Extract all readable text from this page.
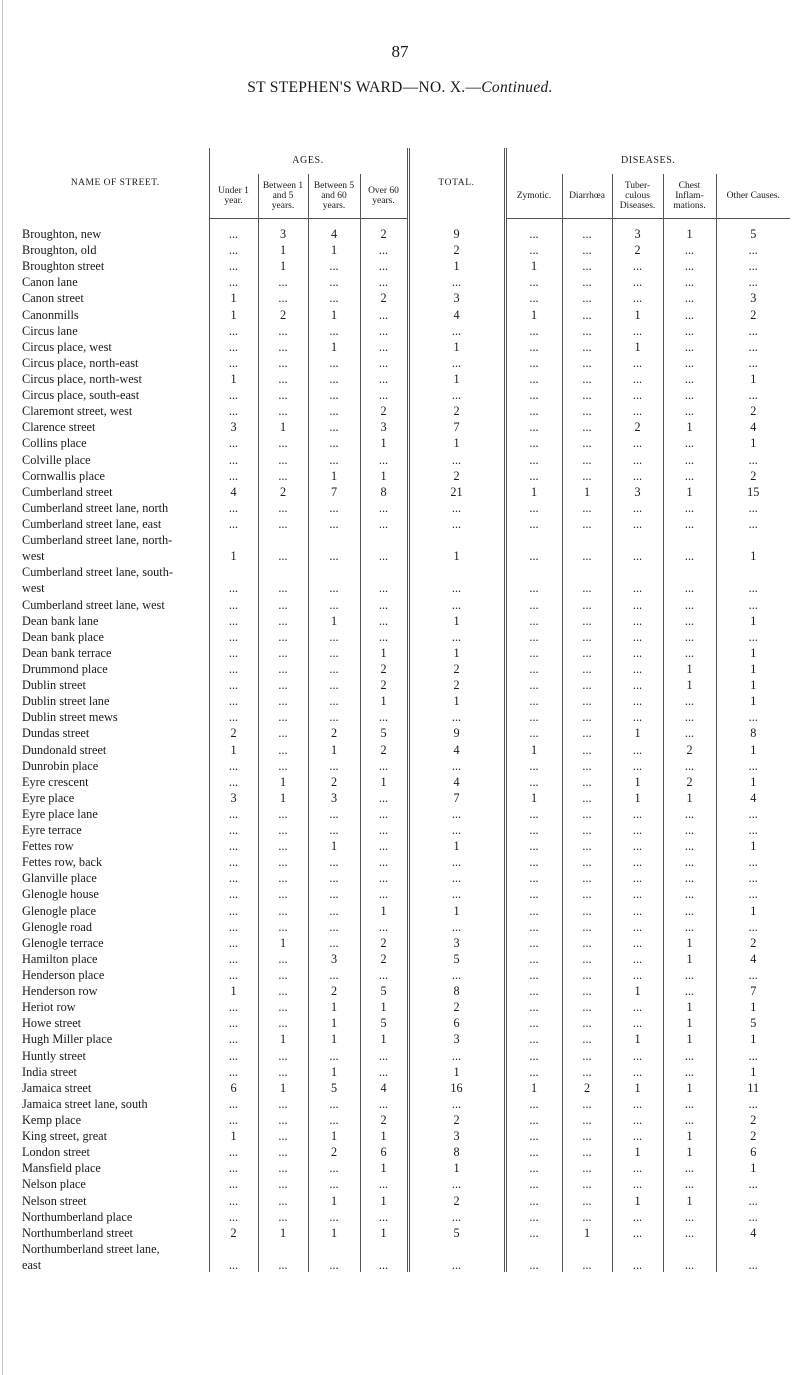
87
ST STEPHEN'S WARD—NO. X.—Continued.
NAME OF STREET.	AGES.				TOTAL.	DISEASES.				
	Under 1 year.	Between 1 and 5 years.	Between 5 and 60 years.	Over 60 years.		Zymotic.	Diarrhœa	Tuber-culous Diseases.	Chest Inflam-mations.	Other Causes.
Broughton, new	...	3	4	2	9	...	...	3	1	5
Broughton, old	...	1	1	...	2	...	...	2	...	...
Broughton street	...	1	...	...	1	1	...	...	...	...
Canon lane	...	...	...	...	...	...	...	...	...	...
Canon street	1	...	...	2	3	...	...	...	...	3
Canonmills	1	2	1	...	4	1	...	1	...	2
Circus lane	...	...	...	...	...	...	...	...	...	...
Circus place, west	...	...	1	...	1	...	...	1	...	...
Circus place, north-east	...	...	...	...	...	...	...	...	...	...
Circus place, north-west	1	...	...	...	1	...	...	...	...	1
Circus place, south-east	...	...	...	...	...	...	...	...	...	...
Claremont street, west	...	...	...	2	2	...	...	...	...	2
Clarence street	3	1	...	3	7	...	...	2	1	4
Collins place	...	...	...	1	1	...	...	...	...	1
Colville place	...	...	...	...	...	...	...	...	...	...
Cornwallis place	...	...	1	1	2	...	...	...	...	2
Cumberland street	4	2	7	8	21	1	1	3	1	15
Cumberland street lane, north	...	...	...	...	...	...	...	...	...	...
Cumberland street lane, east	...	...	...	...	...	...	...	...	...	...
Cumberland street lane, north-										
west	1	...	...	...	1	...	...	...	...	1
Cumberland street lane, south-										
west	...	...	...	...	...	...	...	...	...	...
Cumberland street lane, west	...	...	...	...	...	...	...	...	...	...
Dean bank lane	...	...	1	...	1	...	...	...	...	1
Dean bank place	...	...	...	...	...	...	...	...	...	...
Dean bank terrace	...	...	...	1	1	...	...	...	...	1
Drummond place	...	...	...	2	2	...	...	...	1	1
Dublin street	...	...	...	2	2	...	...	...	1	1
Dublin street lane	...	...	...	1	1	...	...	...	...	1
Dublin street mews	...	...	...	...	...	...	...	...	...	...
Dundas street	2	...	2	5	9	...	...	1	...	8
Dundonald street	1	...	1	2	4	1	...	...	2	1
Dunrobin place	...	...	...	...	...	...	...	...	...	...
Eyre crescent	...	1	2	1	4	...	...	1	2	1
Eyre place	3	1	3	...	7	1	...	1	1	4
Eyre place lane	...	...	...	...	...	...	...	...	...	...
Eyre terrace	...	...	...	...	...	...	...	...	...	...
Fettes row	...	...	1	...	1	...	...	...	...	1
Fettes row, back	...	...	...	...	...	...	...	...	...	...
Glanville place	...	...	...	...	...	...	...	...	...	...
Glenogle house	...	...	...	...	...	...	...	...	...	...
Glenogle place	...	...	...	1	1	...	...	...	...	1
Glenogle road	...	...	...	...	...	...	...	...	...	...
Glenogle terrace	...	1	...	2	3	...	...	...	1	2
Hamilton place	...	...	3	2	5	...	...	...	1	4
Henderson place	...	...	...	...	...	...	...	...	...	...
Henderson row	1	...	2	5	8	...	...	1	...	7
Heriot row	...	...	1	1	2	...	...	...	1	1
Howe street	...	...	1	5	6	...	...	...	1	5
Hugh Miller place	...	1	1	1	3	...	...	1	1	1
Huntly street	...	...	...	...	...	...	...	...	...	...
India street	...	...	1	...	1	...	...	...	...	1
Jamaica street	6	1	5	4	16	1	2	1	1	11
Jamaica street lane, south	...	...	...	...	...	...	...	...	...	...
Kemp place	...	...	...	2	2	...	...	...	...	2
King street, great	1	...	1	1	3	...	...	...	1	2
London street	...	...	2	6	8	...	...	1	1	6
Mansfield place	...	...	...	1	1	...	...	...	...	1
Nelson place	...	...	...	...	...	...	...	...	...	...
Nelson street	...	...	1	1	2	...	...	1	1	...
Northumberland place	...	...	...	...	...	...	...	...	...	...
Northumberland street	2	1	1	1	5	...	1	...	...	4
Northumberland street lane,										
east	...	...	...	...	...	...	...	...	...	...
